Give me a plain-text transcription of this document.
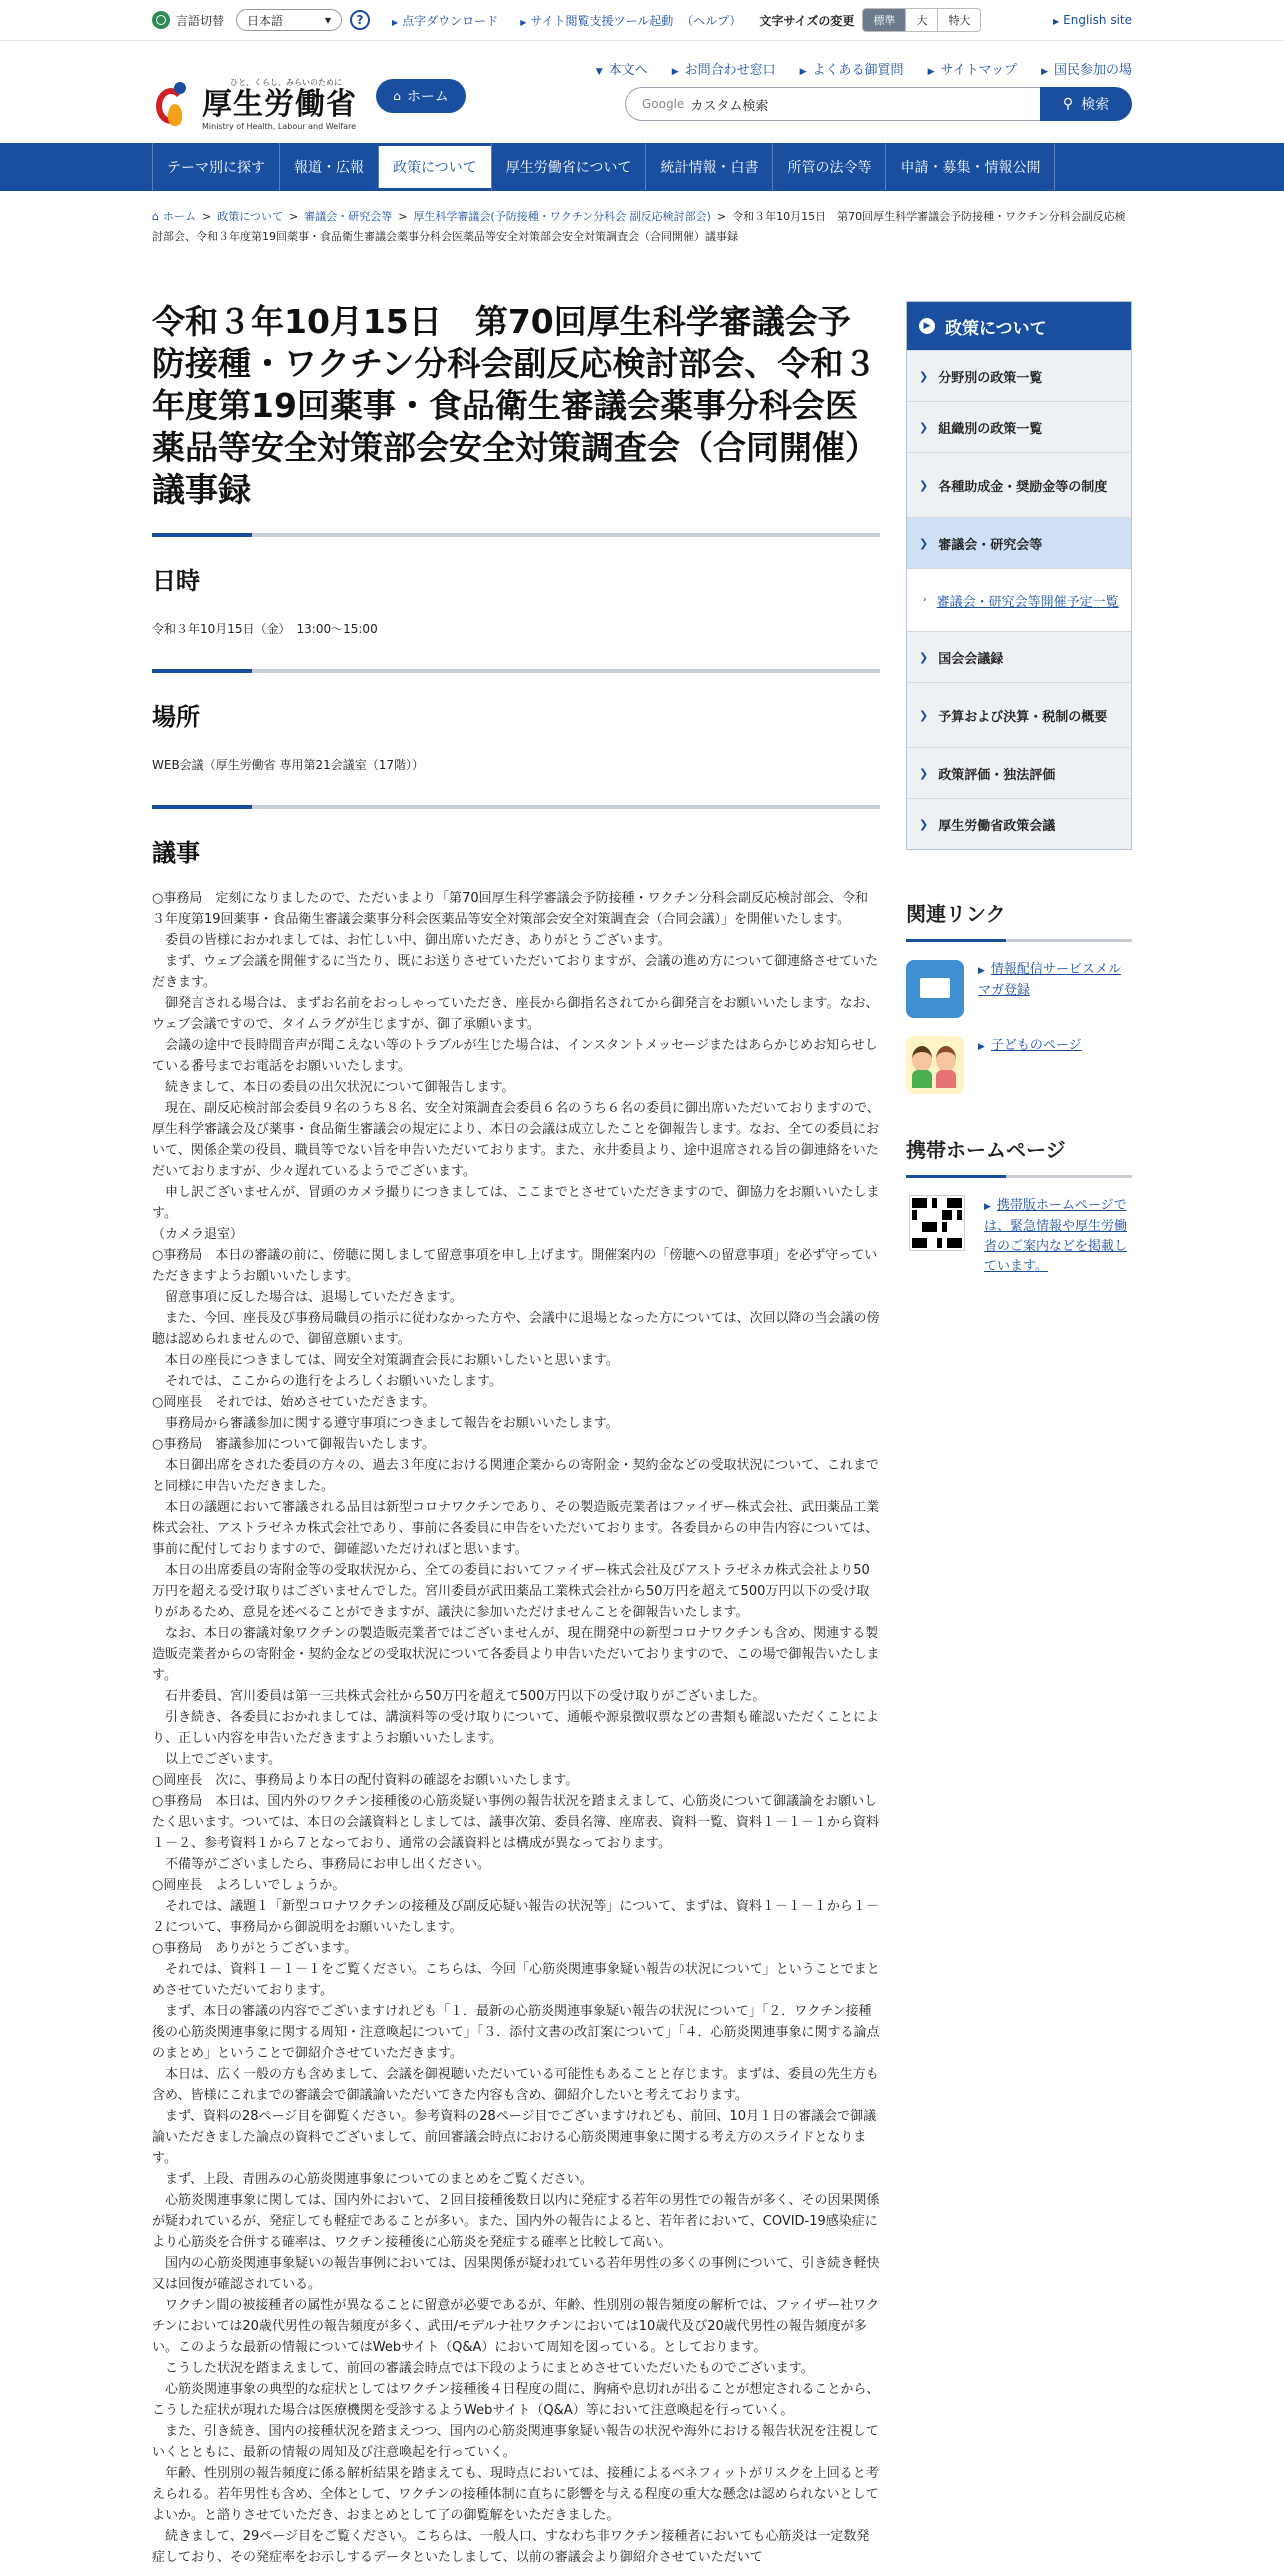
言語切替 日本語	▾	?	▶ 点字ダウンロード	▶ サイト閲覧支援ツール起動 （ヘルプ） 文字サイズの変更	標準	大	特大	▶ English site
ひと、くらし、みらいのために
厚生労働省
Ministry of Health, Labour and Welfare
⌂ ホーム
▼ 本文へ	▶ お問合わせ窓口	▶ よくある御質問	▶ サイトマップ	▶ 国民参加の場
Google カスタム検索	⚲ 検索
テーマ別に探す	報道・広報	政策について	厚生労働省について	統計情報・白書	所管の法令等	申請・募集・情報公開
⌂ ホーム > 政策について > 審議会・研究会等 > 厚生科学審議会(予防接種・ワクチン分科会 副反応検討部会) > 令和３年10月15日　第70回厚生科学審議会予防接種・ワクチン分科会副反応検討部会、令和３年度第19回薬事・食品衛生審議会薬事分科会医薬品等安全対策部会安全対策調査会（合同開催）議事録
令和３年10月15日　第70回厚生科学審議会予防接種・ワクチン分科会副反応検討部会、令和３年度第19回薬事・食品衛生審議会薬事分科会医薬品等安全対策部会安全対策調査会（合同開催）議事録
日時
令和３年10月15日（金）　13:00～15:00
場所
WEB会議（厚生労働省 専用第21会議室（17階））
議事
○事務局　定刻になりましたので、ただいまより「第70回厚生科学審議会予防接種・ワクチン分科会副反応検討部会、令和３年度第19回薬事・食品衛生審議会薬事分科会医薬品等安全対策部会安全対策調査会（合同会議）」を開催いたします。
　委員の皆様におかれましては、お忙しい中、御出席いただき、ありがとうございます。
　まず、ウェブ会議を開催するに当たり、既にお送りさせていただいておりますが、会議の進め方について御連絡させていただきます。
　御発言される場合は、まずお名前をおっしゃっていただき、座長から御指名されてから御発言をお願いいたします。なお、ウェブ会議ですので、タイムラグが生じますが、御了承願います。
　会議の途中で長時間音声が聞こえない等のトラブルが生じた場合は、インスタントメッセージまたはあらかじめお知らせしている番号までお電話をお願いいたします。
　続きまして、本日の委員の出欠状況について御報告します。
　現在、副反応検討部会委員９名のうち８名、安全対策調査会委員６名のうち６名の委員に御出席いただいておりますので、厚生科学審議会及び薬事・食品衛生審議会の規定により、本日の会議は成立したことを御報告します。なお、全ての委員において、関係企業の役員、職員等でない旨を申告いただいております。また、永井委員より、途中退席される旨の御連絡をいただいておりますが、少々遅れているようでございます。
　申し訳ございませんが、冒頭のカメラ撮りにつきましては、ここまでとさせていただきますので、御協力をお願いいたします。
（カメラ退室）
○事務局　本日の審議の前に、傍聴に関しまして留意事項を申し上げます。開催案内の「傍聴への留意事項」を必ず守っていただきますようお願いいたします。
　留意事項に反した場合は、退場していただきます。
　また、今回、座長及び事務局職員の指示に従わなかった方や、会議中に退場となった方については、次回以降の当会議の傍聴は認められませんので、御留意願います。
　本日の座長につきましては、岡安全対策調査会長にお願いしたいと思います。
　それでは、ここからの進行をよろしくお願いいたします。
○岡座長　それでは、始めさせていただきます。
　事務局から審議参加に関する遵守事項につきまして報告をお願いいたします。
○事務局　審議参加について御報告いたします。
　本日御出席をされた委員の方々の、過去３年度における関連企業からの寄附金・契約金などの受取状況について、これまでと同様に申告いただきました。
　本日の議題において審議される品目は新型コロナワクチンであり、その製造販売業者はファイザー株式会社、武田薬品工業株式会社、アストラゼネカ株式会社であり、事前に各委員に申告をいただいております。各委員からの申告内容については、事前に配付しておりますので、御確認いただければと思います。
　本日の出席委員の寄附金等の受取状況から、全ての委員においてファイザー株式会社及びアストラゼネカ株式会社より50万円を超える受け取りはございませんでした。宮川委員が武田薬品工業株式会社から50万円を超えて500万円以下の受け取りがあるため、意見を述べることができますが、議決に参加いただけませんことを御報告いたします。
　なお、本日の審議対象ワクチンの製造販売業者ではございませんが、現在開発中の新型コロナワクチンも含め、関連する製造販売業者からの寄附金・契約金などの受取状況について各委員より申告いただいておりますので、この場で御報告いたします。
　石井委員、宮川委員は第一三共株式会社から50万円を超えて500万円以下の受け取りがございました。
　引き続き、各委員におかれましては、講演料等の受け取りについて、通帳や源泉徴収票などの書類も確認いただくことにより、正しい内容を申告いただきますようお願いいたします。
　以上でございます。
○岡座長　次に、事務局より本日の配付資料の確認をお願いいたします。
○事務局　本日は、国内外のワクチン接種後の心筋炎疑い事例の報告状況を踏まえまして、心筋炎について御議論をお願いしたく思います。ついては、本日の会議資料としましては、議事次第、委員名簿、座席表、資料一覧、資料１－１－１から資料１－２、参考資料１から７となっており、通常の会議資料とは構成が異なっております。
　不備等がございましたら、事務局にお申し出ください。
○岡座長　よろしいでしょうか。
　それでは、議題１「新型コロナワクチンの接種及び副反応疑い報告の状況等」について、まずは、資料１－１－１から１－２について、事務局から御説明をお願いいたします。
○事務局　ありがとうございます。
　それでは、資料１－１－１をご覧ください。こちらは、今回「心筋炎関連事象疑い報告の状況について」ということでまとめさせていただいております。
　まず、本日の審議の内容でございますけれども「１．最新の心筋炎関連事象疑い報告の状況について」「２．ワクチン接種後の心筋炎関連事象に関する周知・注意喚起について」「３．添付文書の改訂案について」「４．心筋炎関連事象に関する論点のまとめ」ということで御紹介させていただきます。
　本日は、広く一般の方も含めまして、会議を御視聴いただいている可能性もあることと存じます。まずは、委員の先生方も含め、皆様にこれまでの審議会で御議論いただいてきた内容も含め、御紹介したいと考えております。
　まず、資料の28ページ目を御覧ください。参考資料の28ページ目でございますけれども、前回、10月１日の審議会で御議論いただきました論点の資料でございまして、前回審議会時点における心筋炎関連事象に関する考え方のスライドとなります。
　まず、上段、青囲みの心筋炎関連事象についてのまとめをご覧ください。
　心筋炎関連事象に関しては、国内外において、２回目接種後数日以内に発症する若年の男性での報告が多く、その因果関係が疑われているが、発症しても軽症であることが多い。また、国内外の報告によると、若年者において、COVID-19感染症により心筋炎を合併する確率は、ワクチン接種後に心筋炎を発症する確率と比較して高い。
　国内の心筋炎関連事象疑いの報告事例においては、因果関係が疑われている若年男性の多くの事例について、引き続き軽快又は回復が確認されている。
　ワクチン間の被接種者の属性が異なることに留意が必要であるが、年齢、性別別の報告頻度の解析では、ファイザー社ワクチンにおいては20歳代男性の報告頻度が多く、武田/モデルナ社ワクチンにおいては10歳代及び20歳代男性の報告頻度が多い。このような最新の情報についてはWebサイト（Q&A）において周知を図っている。としております。
　こうした状況を踏まえまして、前回の審議会時点では下段のようにまとめさせていただいたものでございます。
　心筋炎関連事象の典型的な症状としてはワクチン接種後４日程度の間に、胸痛や息切れが出ることが想定されることから、こうした症状が現れた場合は医療機関を受診するようWebサイト（Q&A）等において注意喚起を行っていく。
　また、引き続き、国内の接種状況を踏まえつつ、国内の心筋炎関連事象疑い報告の状況や海外における報告状況を注視していくとともに、最新の情報の周知及び注意喚起を行っていく。
　年齢、性別別の報告頻度に係る解析結果を踏まえても、現時点においては、接種によるベネフィットがリスクを上回ると考えられる。若年男性も含め、全体として、ワクチンの接種体制に直ちに影響を与える程度の重大な懸念は認められないとしてよいか。と諮りさせていただき、おまとめとして了の御覧解をいただきました。
　続きまして、29ページ目をご覧ください。こちらは、一般人口、すなわち非ワクチン接種者においても心筋炎は一定数発症しており、その発症率をお示しするデータといたしまして、以前の審議会より御紹介させていただいて
▶ 政策について
❯ 分野別の政策一覧
❯ 組織別の政策一覧
❯ 各種助成金・奨励金等の制度
❯ 審議会・研究会等
› 審議会・研究会等開催予定一覧
❯ 国会会議録
❯ 予算および決算・税制の概要
❯ 政策評価・独法評価
❯ 厚生労働省政策会議
関連リンク
▶ 情報配信サービスメルマガ登録
▶ 子どものページ
携帯ホームページ
▶ 携帯版ホームページでは、緊急情報や厚生労働省のご案内などを掲載しています。
